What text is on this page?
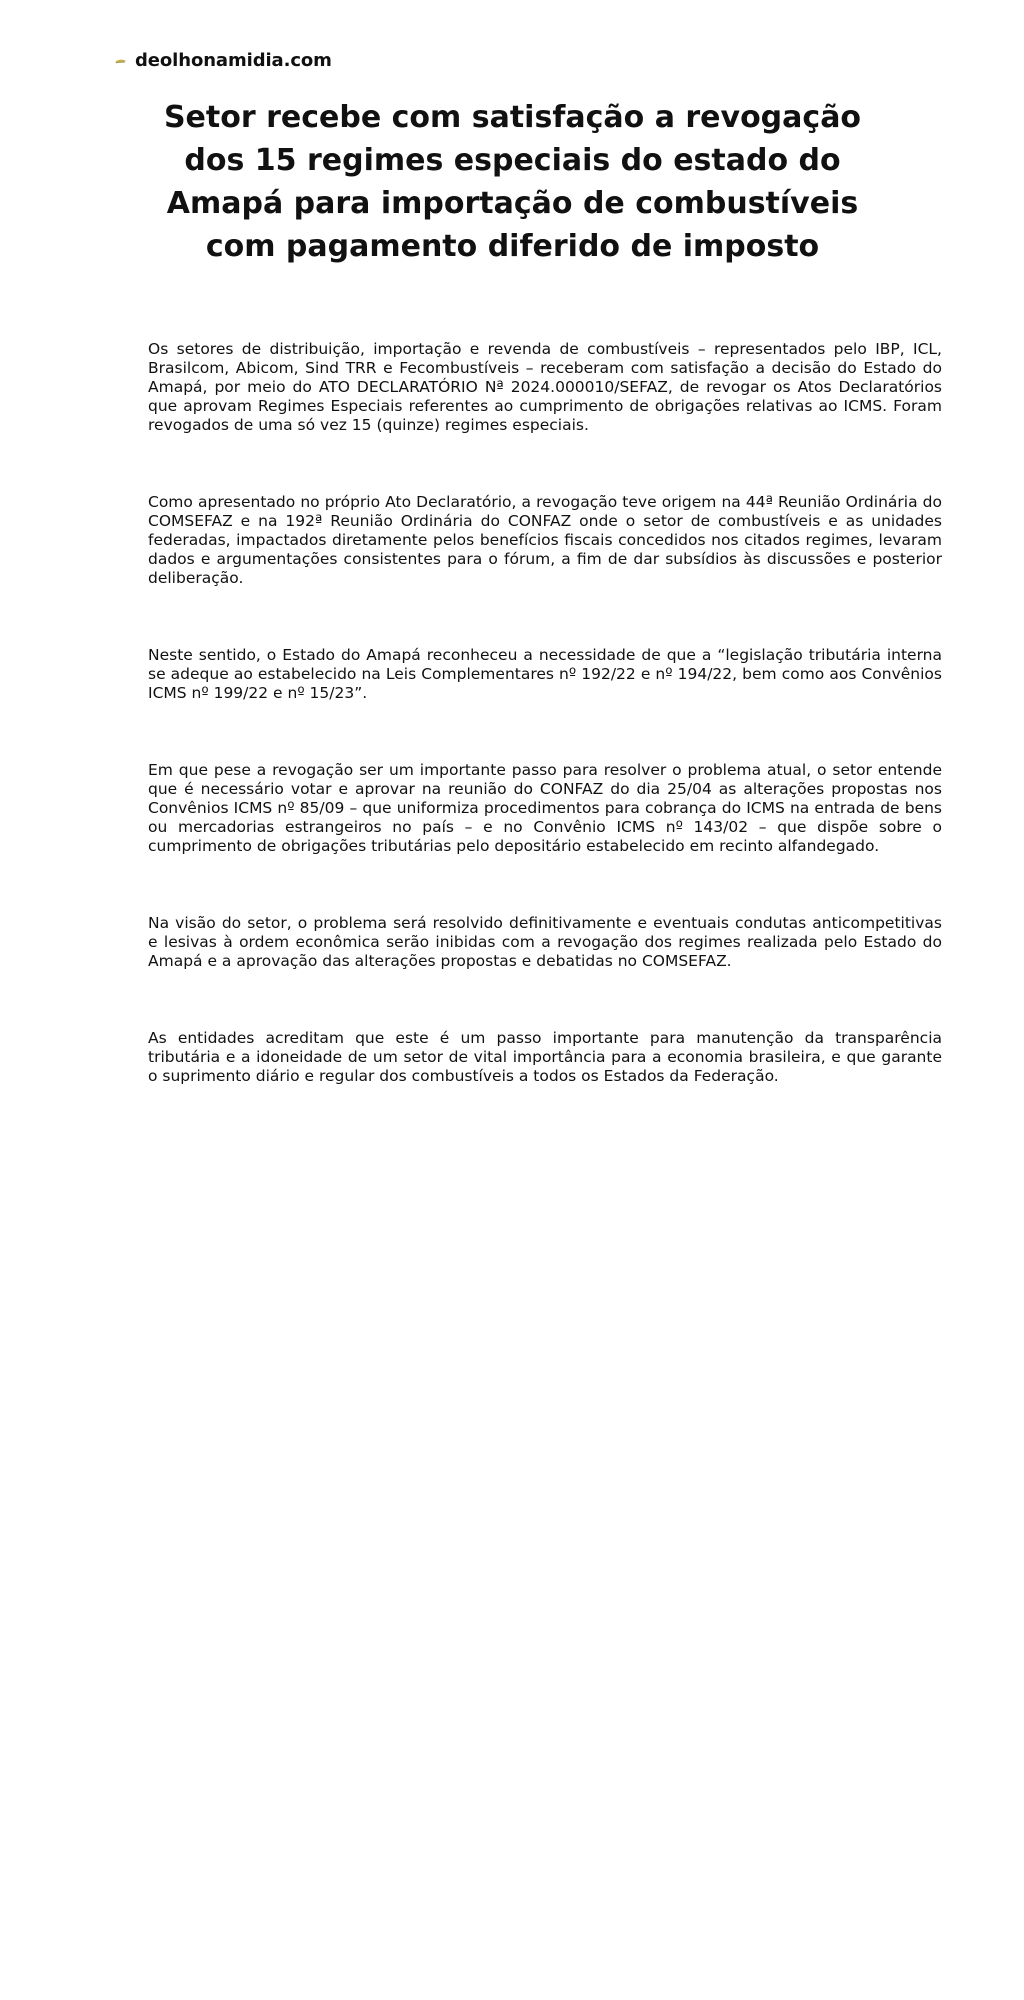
deolhonamidia.com
Setor recebe com satisfação a revogação dos 15 regimes especiais do estado do Amapá para importação de combustíveis com pagamento diferido de imposto

Os setores de distribuição, importação e revenda de combustíveis – representados pelo IBP, ICL, Brasilcom, Abicom, Sind TRR e Fecombustíveis – receberam com satisfação a decisão do Estado do Amapá, por meio do ATO DECLARATÓRIO Nª 2024.000010/SEFAZ, de revogar os Atos Declaratórios que aprovam Regimes Especiais referentes ao cumprimento de obrigações relativas ao ICMS. Foram revogados de uma só vez 15 (quinze) regimes especiais.

Como apresentado no próprio Ato Declaratório, a revogação teve origem na 44ª Reunião Ordinária do COMSEFAZ e na 192ª Reunião Ordinária do CONFAZ onde o setor de combustíveis e as unidades federadas, impactados diretamente pelos benefícios fiscais concedidos nos citados regimes, levaram dados e argumentações consistentes para o fórum, a fim de dar subsídios às discussões e posterior deliberação.

Neste sentido, o Estado do Amapá reconheceu a necessidade de que a “legislação tributária interna se adeque ao estabelecido na Leis Complementares nº 192/22 e nº 194/22, bem como aos Convênios ICMS nº 199/22 e nº 15/23”.

Em que pese a revogação ser um importante passo para resolver o problema atual, o setor entende que é necessário votar e aprovar na reunião do CONFAZ do dia 25/04 as alterações propostas nos Convênios ICMS nº 85/09 – que uniformiza procedimentos para cobrança do ICMS na entrada de bens ou mercadorias estrangeiros no país – e no Convênio ICMS nº 143/02 – que dispõe sobre o cumprimento de obrigações tributárias pelo depositário estabelecido em recinto alfandegado.

Na visão do setor, o problema será resolvido definitivamente e eventuais condutas anticompetitivas e lesivas à ordem econômica serão inibidas com a revogação dos regimes realizada pelo Estado do Amapá e a aprovação das alterações propostas e debatidas no COMSEFAZ.

As entidades acreditam que este é um passo importante para manutenção da transparência tributária e a idoneidade de um setor de vital importância para a economia brasileira, e que garante o suprimento diário e regular dos combustíveis a todos os Estados da Federação.
